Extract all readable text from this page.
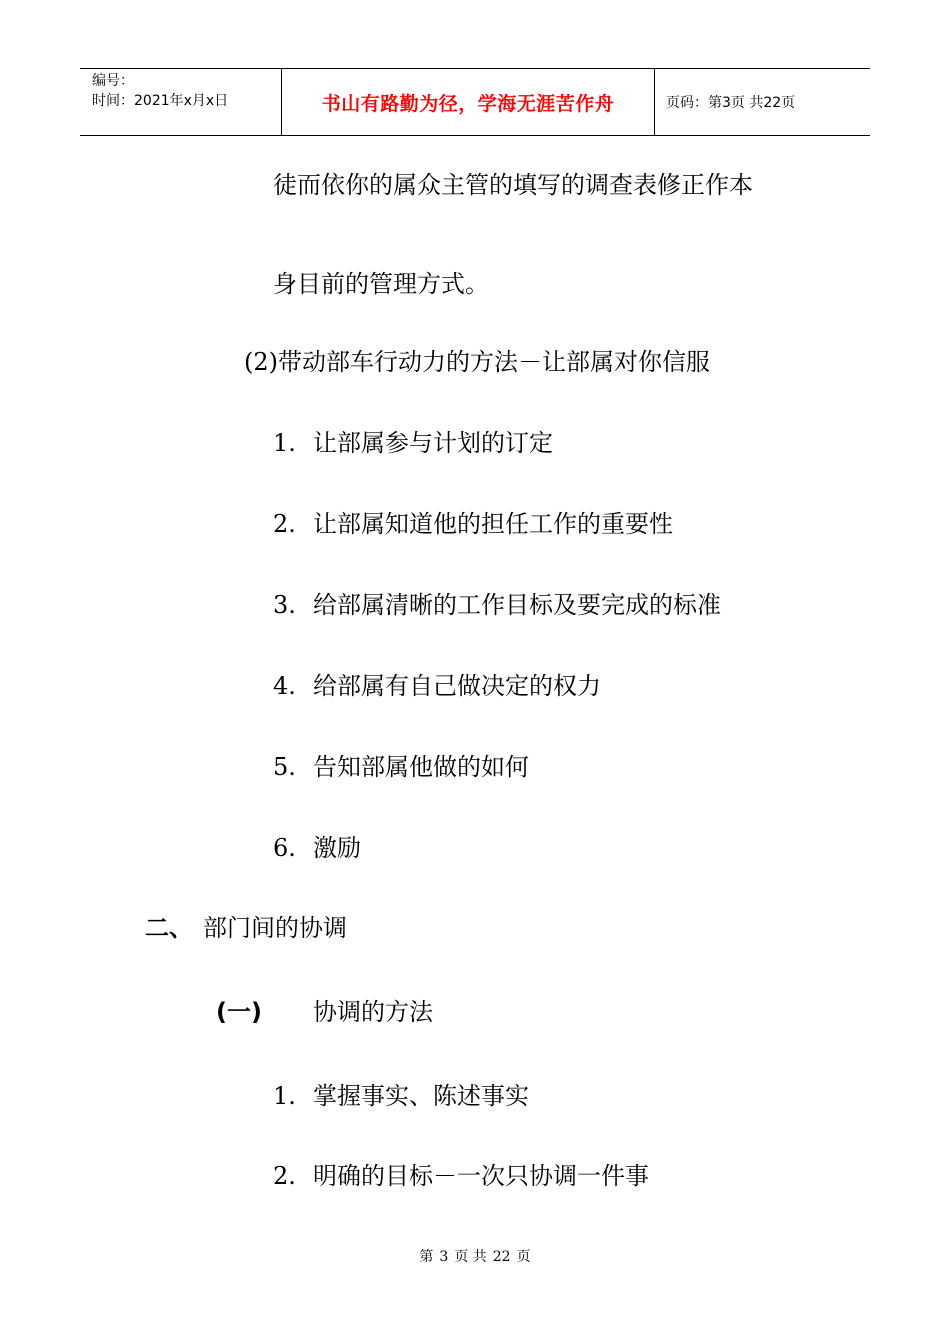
编号：
时间：2021年x月x日	书山有路勤为径，学海无涯苦作舟	页码：第3页 共22页
徒而依你的属众主管的填写的调查表修正作本
身目前的管理方式。
(2)带动部车行动力的方法－让部属对你信服
1. 让部属参与计划的订定
2. 让部属知道他的担任工作的重要性
3. 给部属清晰的工作目标及要完成的标准
4. 给部属有自己做决定的权力
5. 告知部属他做的如何
6. 激励
二、 部门间的协调
(一) 协调的方法
1. 掌握事实、陈述事实
2. 明确的目标－一次只协调一件事
第 3 页 共 22 页
